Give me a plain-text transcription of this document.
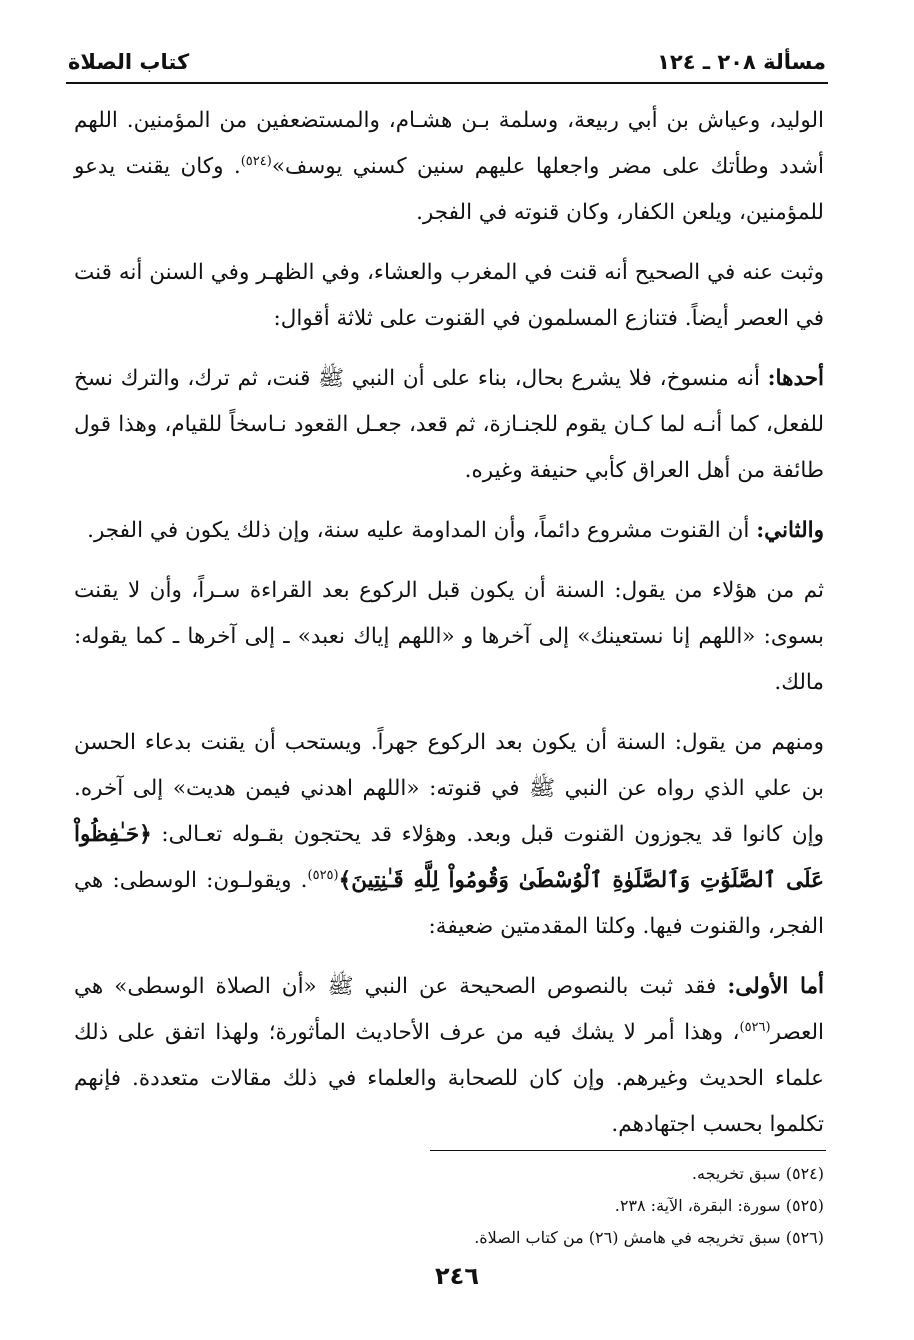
مسألة ٢٠٨ ـ ١٢٤
كتاب الصلاة

الوليد، وعياش بن أبي ربيعة، وسلمة بـن هشـام، والمستضعفين من المؤمنين. اللهم أشدد وطأتك على مضر واجعلها عليهم سنين كسني يوسف»$^{(٥٢٤)}$. وكان يقنت يدعو للمؤمنين، ويلعن الكفار، وكان قنوته في الفجر.

وثبت عنه في الصحيح أنه قنت في المغرب والعشاء، وفي الظهـر وفي السنن أنه قنت في العصر أيضاً. فتنازع المسلمون في القنوت على ثلاثة أقوال:

أحدها: أنه منسوخ، فلا يشرع بحال، بناء على أن النبي ﷺ قنت، ثم ترك، والترك نسخ للفعل، كما أنـه لما كـان يقوم للجنـازة، ثم قعد، جعـل القعود نـاسخاً للقيام، وهذا قول طائفة من أهل العراق كأبي حنيفة وغيره.

والثاني: أن القنوت مشروع دائماً، وأن المداومة عليه سنة، وإن ذلك يكون في الفجر.

ثم من هؤلاء من يقول: السنة أن يكون قبل الركوع بعد القراءة سـراً، وأن لا يقنت بسوى: «اللهم إنا نستعينك» إلى آخرها و «اللهم إياك نعبد» ـ إلى آخرها ـ كما يقوله: مالك.

ومنهم من يقول: السنة أن يكون بعد الركوع جهراً. ويستحب أن يقنت بدعاء الحسن بن علي الذي رواه عن النبي ﷺ في قنوته: «اللهم اهدني فيمن هديت» إلى آخره. وإن كانوا قد يجوزون القنوت قبل وبعد. وهؤلاء قد يحتجون بقـوله تعـالى: ﴿حَـٰفِظُواْ عَلَى ٱلصَّلَوَٰتِ وَٱلصَّلَوٰةِ ٱلْوُسْطَىٰ وَقُومُواْ لِلَّهِ قَـٰنِتِينَ﴾$^{(٥٢٥)}$. ويقولـون: الوسطى: هي الفجر، والقنوت فيها. وكلتا المقدمتين ضعيفة:

أما الأولى: فقد ثبت بالنصوص الصحيحة عن النبي ﷺ «أن الصلاة الوسطى» هي العصر$^{(٥٢٦)}$، وهذا أمر لا يشك فيه من عرف الأحاديث المأثورة؛ ولهذا اتفق على ذلك علماء الحديث وغيرهم. وإن كان للصحابة والعلماء في ذلك مقالات متعددة. فإنهم تكلموا بحسب اجتهادهم.

(٥٢٤) سبق تخريجه.
(٥٢٥) سورة: البقرة، الآية: ٢٣٨.
(٥٢٦) سبق تخريجه في هامش (٢٦) من كتاب الصلاة.
٢٤٦
